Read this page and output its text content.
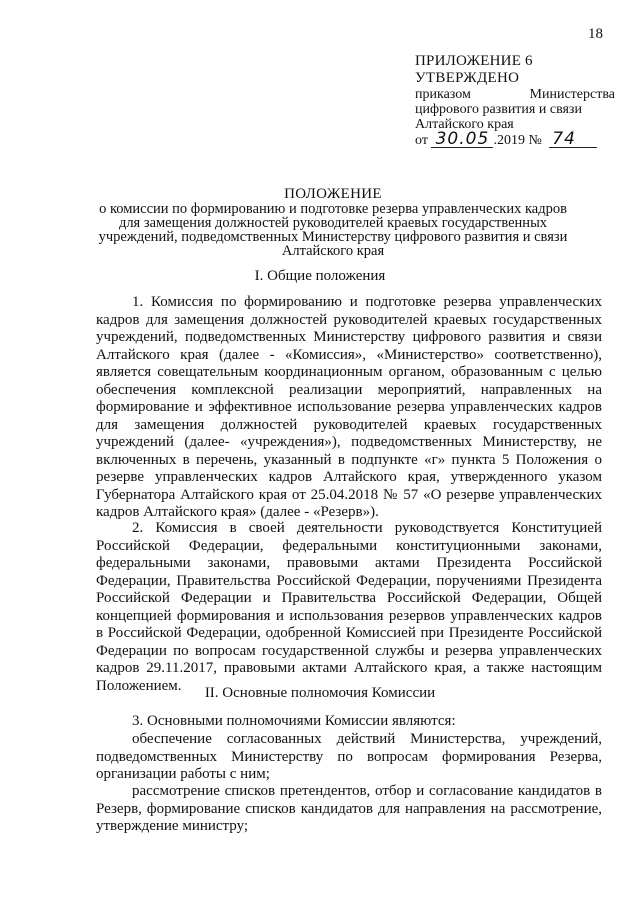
18
ПРИЛОЖЕНИЕ 6
УТВЕРЖДЕНО
приказом	Министерства
цифрового развития и связи
Алтайского края
от 30.05 .2019 № 74
ПОЛОЖЕНИЕ
о комиссии по формированию и подготовке резерва управленческих кадров для замещения должностей руководителей краевых государственных учреждений, подведомственных Министерству цифрового развития и связи Алтайского края
I. Общие положения

1. Комиссия по формированию и подготовке резерва управленческих кадров для замещения должностей руководителей краевых государственных учреждений, подведомственных Министерству цифрового развития и связи Алтайского края (далее - «Комиссия», «Министерство» соответственно), является совещательным координационным органом, образованным с целью обеспечения комплексной реализации мероприятий, направленных на формирование и эффективное использование резерва управленческих кадров для замещения должностей руководителей краевых государственных учреждений (далее- «учреждения»), подведомственных Министерству, не включенных в перечень, указанный в подпункте «г» пункта 5 Положения о резерве управленческих кадров Алтайского края, утвержденного указом Губернатора Алтайского края от 25.04.2018 № 57 «О резерве управленческих кадров Алтайского края» (далее - «Резерв»).

2. Комиссия в своей деятельности руководствуется Конституцией Российской Федерации, федеральными конституционными законами, федеральными законами, правовыми актами Президента Российской Федерации, Правительства Российской Федерации, поручениями Президента Российской Федерации и Правительства Российской Федерации, Общей концепцией формирования и использования резервов управленческих кадров в Российской Федерации, одобренной Комиссией при Президенте Российской Федерации по вопросам государственной службы и резерва управленческих кадров 29.11.2017, правовыми актами Алтайского края, а также настоящим Положением.	II. Основные полномочия Комиссии

3. Основными полномочиями Комиссии являются:

обеспечение согласованных действий Министерства, учреждений, подведомственных Министерству по вопросам формирования Резерва, организации работы с ним;

рассмотрение списков претендентов, отбор и согласование кандидатов в Резерв, формирование списков кандидатов для направления на рассмотрение, утверждение министру;
